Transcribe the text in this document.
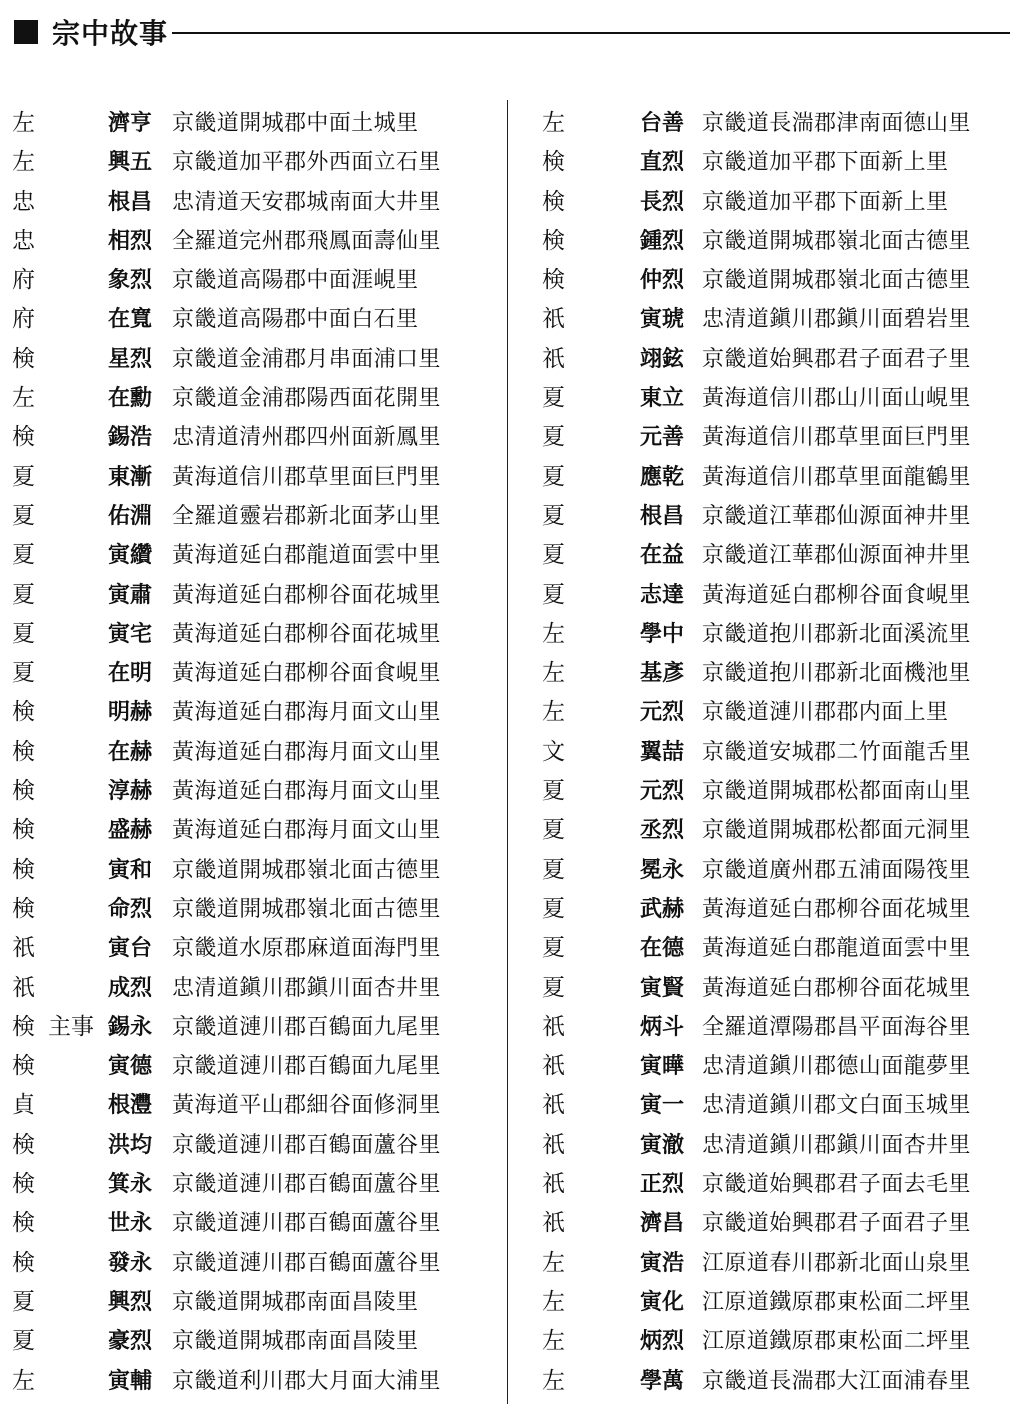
宗中故事
左	濟亨 京畿道開城郡中面土城里
左	興五 京畿道加平郡外西面立石里
忠	根昌 忠清道天安郡城南面大井里
忠	相烈 全羅道完州郡飛鳳面壽仙里
府	象烈 京畿道高陽郡中面涯峴里
府	在寬 京畿道高陽郡中面白石里
検	星烈 京畿道金浦郡月串面浦口里
左	在勳 京畿道金浦郡陽西面花開里
検	錫浩 忠清道清州郡四州面新鳳里
夏	東漸 黃海道信川郡草里面巨門里
夏	佑淵 全羅道靈岩郡新北面茅山里
夏	寅纘 黃海道延白郡龍道面雲中里
夏	寅肅 黃海道延白郡柳谷面花城里
夏	寅宅 黃海道延白郡柳谷面花城里
夏	在明 黃海道延白郡柳谷面食峴里
検	明赫 黃海道延白郡海月面文山里
検	在赫 黃海道延白郡海月面文山里
検	淳赫 黃海道延白郡海月面文山里
検	盛赫 黃海道延白郡海月面文山里
検	寅和 京畿道開城郡嶺北面古德里
検	命烈 京畿道開城郡嶺北面古德里
祇	寅台 京畿道水原郡麻道面海門里
祇	成烈 忠清道鎭川郡鎭川面杏井里
検 主事 錫永 京畿道漣川郡百鶴面九尾里
検	寅德 京畿道漣川郡百鶴面九尾里
貞	根灃 黃海道平山郡細谷面修洞里
検	洪均 京畿道漣川郡百鶴面蘆谷里
検	箕永 京畿道漣川郡百鶴面蘆谷里
検	世永 京畿道漣川郡百鶴面蘆谷里
検	發永 京畿道漣川郡百鶴面蘆谷里
夏	興烈 京畿道開城郡南面昌陵里
夏	豪烈 京畿道開城郡南面昌陵里
左	寅輔 京畿道利川郡大月面大浦里
左	台善 京畿道長湍郡津南面德山里
検	直烈 京畿道加平郡下面新上里
検	長烈 京畿道加平郡下面新上里
検	鍾烈 京畿道開城郡嶺北面古德里
検	仲烈 京畿道開城郡嶺北面古德里
祇	寅琥 忠清道鎭川郡鎭川面碧岩里
祇	翊鉉 京畿道始興郡君子面君子里
夏	東立 黃海道信川郡山川面山峴里
夏	元善 黃海道信川郡草里面巨門里
夏	應乾 黃海道信川郡草里面龍鶴里
夏	根昌 京畿道江華郡仙源面神井里
夏	在益 京畿道江華郡仙源面神井里
夏	志達 黃海道延白郡柳谷面食峴里
左	學中 京畿道抱川郡新北面溪流里
左	基彥 京畿道抱川郡新北面機池里
左	元烈 京畿道漣川郡郡内面上里
文	翼喆 京畿道安城郡二竹面龍舌里
夏	元烈 京畿道開城郡松都面南山里
夏	丞烈 京畿道開城郡松都面元洞里
夏	冕永 京畿道廣州郡五浦面陽筏里
夏	武赫 黃海道延白郡柳谷面花城里
夏	在德 黃海道延白郡龍道面雲中里
夏	寅賢 黃海道延白郡柳谷面花城里
祇	炳斗 全羅道潭陽郡昌平面海谷里
祇	寅曄 忠清道鎭川郡德山面龍夢里
祇	寅一 忠清道鎭川郡文白面玉城里
祇	寅澈 忠清道鎭川郡鎭川面杏井里
祇	正烈 京畿道始興郡君子面去毛里
祇	濟昌 京畿道始興郡君子面君子里
左	寅浩 江原道春川郡新北面山泉里
左	寅化 江原道鐵原郡東松面二坪里
左	炳烈 江原道鐵原郡東松面二坪里
左	學萬 京畿道長湍郡大江面浦春里
